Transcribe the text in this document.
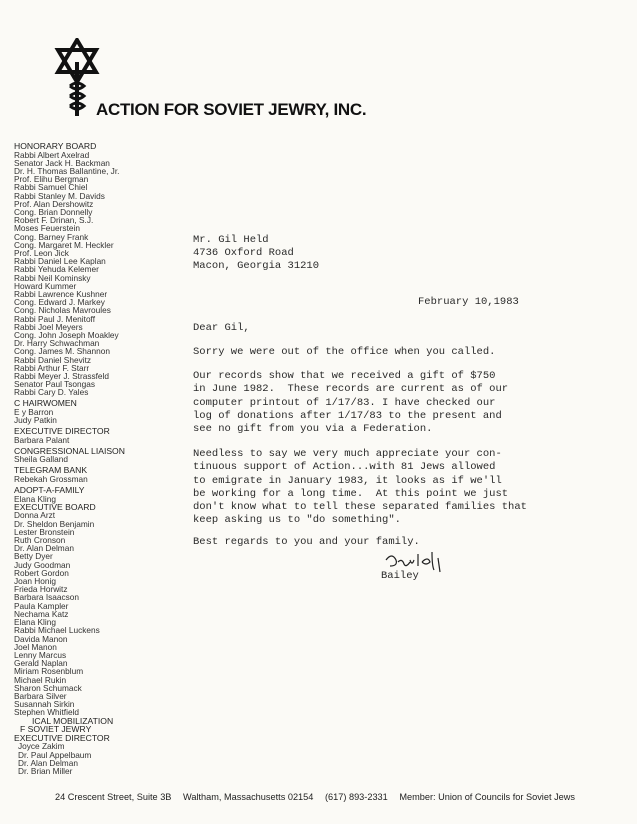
ACTION FOR SOVIET JEWRY, INC.
HONORARY BOARD
Rabbi Albert Axelrad
Senator Jack H. Backman
Dr. H. Thomas Ballantine, Jr.
Prof. Elihu Bergman
Rabbi Samuel Chiel
Rabbi Stanley M. Davids
Prof. Alan Dershowitz
Cong. Brian Donnelly
Robert F. Drinan, S.J.
Moses Feuerstein
Cong. Barney Frank
Cong. Margaret M. Heckler
Prof. Leon Jick
Rabbi Daniel Lee Kaplan
Rabbi Yehuda Kelemer
Rabbi Neil Kominsky
Howard Kummer
Rabbi Lawrence Kushner
Cong. Edward J. Markey
Cong. Nicholas Mavroules
Rabbi Paul J. Menitoff
Rabbi Joel Meyers
Cong. John Joseph Moakley
Dr. Harry Schwachman
Cong. James M. Shannon
Rabbi Daniel Shevitz
Rabbi Arthur F. Starr
Rabbi Meyer J. Strassfeld
Senator Paul Tsongas
Rabbi Cary D. Yales
C HAIRWOMEN
E y Barron
Judy Patkin
EXECUTIVE DIRECTOR
Barbara Palant
CONGRESSIONAL LIAISON
Sheila Galland
TELEGRAM BANK
Rebekah Grossman
ADOPT-A-FAMILY
Elana Kling
EXECUTIVE BOARD
Donna Arzt
Dr. Sheldon Benjamin
Lester Bronstein
Ruth Cronson
Dr. Alan Delman
Betty Dyer
Judy Goodman
Robert Gordon
Joan Honig
Frieda Horwitz
Barbara Isaacson
Paula Kampler
Nechama Katz
Elana Kling
Rabbi Michael Luckens
Davida Manon
Joel Manon
Lenny Marcus
Gerald Naplan
Miriam Rosenblum
Michael Rukin
Sharon Schumack
Barbara Silver
Susannah Sirkin
Stephen Whitfield
ICAL MOBILIZATION
F SOVIET JEWRY
EXECUTIVE DIRECTOR
Joyce Zakim
Dr. Paul Appelbaum
Dr. Alan Delman
Dr. Brian Miller
Mr. Gil Held
4736 Oxford Road
Macon, Georgia 31210
February 10,1983
Dear Gil,
Sorry we were out of the office when you called.
Our records show that we received a gift of $750
in June 1982.  These records are current as of our
computer printout of 1/17/83. I have checked our
log of donations after 1/17/83 to the present and
see no gift from you via a Federation.
Needless to say we very much appreciate your con-
tinuous support of Action...with 81 Jews allowed
to emigrate in January 1983, it looks as if we'll
be working for a long time.  At this point we just
don't know what to tell these separated families that
keep asking us to "do something".
Best regards to you and your family.
Bailey
24 Crescent Street, Suite 3B Waltham, Massachusetts 02154 (617) 893-2331 Member: Union of Councils for Soviet Jews
